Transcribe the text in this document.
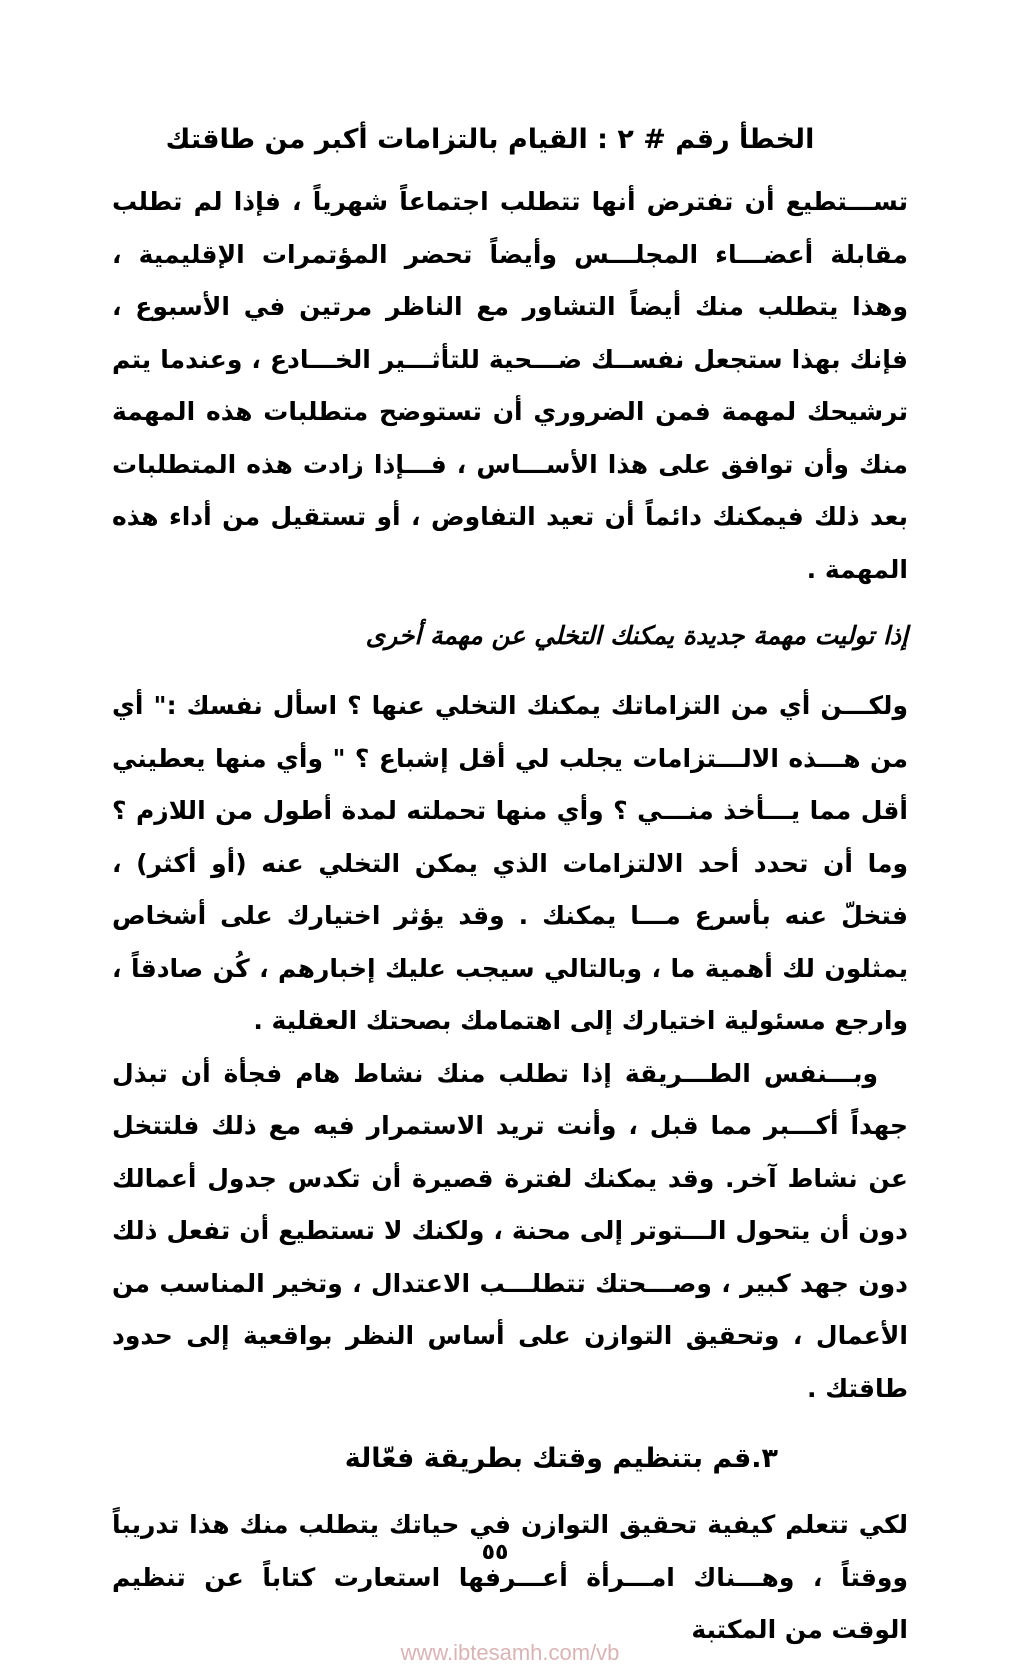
الخطأ رقم # ٢ : القيام بالتزامات أكبر من طاقتك

تســـتطيع أن تفترض أنها تتطلب اجتماعاً شهرياً ، فإذا لم تطلب مقابلة أعضـــاء المجلـــس وأيضاً تحضر المؤتمرات الإقليمية ، وهذا يتطلب منك أيضاً التشاور مع الناظر مرتين في الأسبوع ، فإنك بهذا ستجعل نفســك ضـــحية للتأثـــير الخـــادع ، وعندما يتم ترشيحك لمهمة فمن الضروري أن تستوضح متطلبات هذه المهمة منك وأن توافق على هذا الأســـاس ، فـــإذا زادت هذه المتطلبات بعد ذلك فيمكنك دائماً أن تعيد التفاوض ، أو تستقيل من أداء هذه المهمة .

إذا توليت مهمة جديدة يمكنك التخلي عن مهمة أخرى

ولكـــن أي من التزاماتك يمكنك التخلي عنها ؟ اسأل نفسك :" أي من هـــذه الالـــتزامات يجلب لي أقل إشباع ؟ " وأي منها يعطيني أقل مما يـــأخذ منـــي ؟ وأي منها تحملته لمدة أطول من اللازم ؟ وما أن تحدد أحد الالتزامات الذي يمكن التخلي عنه (أو أكثر) ، فتخلّ عنه بأسرع مـــا يمكنك . وقد يؤثر اختيارك على أشخاص يمثلون لك أهمية ما ، وبالتالي سيجب عليك إخبارهم ، كُن صادقاً ، وارجع مسئولية اختيارك إلى اهتمامك بصحتك العقلية .

وبـــنفس الطـــريقة إذا تطلب منك نشاط هام فجأة أن تبذل جهداً أكـــبر مما قبل ، وأنت تريد الاستمرار فيه مع ذلك فلتتخل عن نشاط آخر. وقد يمكنك لفترة قصيرة أن تكدس جدول أعمالك دون أن يتحول الـــتوتر إلى محنة ، ولكنك لا تستطيع أن تفعل ذلك دون جهد كبير ، وصـــحتك تتطلـــب الاعتدال ، وتخير المناسب من الأعمال ، وتحقيق التوازن على أساس النظر بواقعية إلى حدود طاقتك .

٣.قم بتنظيم وقتك بطريقة فعّالة

لكي تتعلم كيفية تحقيق التوازن في حياتك يتطلب منك هذا تدريباً ووقتاً ، وهـــناك امـــرأة أعـــرفها استعارت كتاباً عن تنظيم الوقت من المكتبة

٥٥
www.ibtesamh.com/vb
